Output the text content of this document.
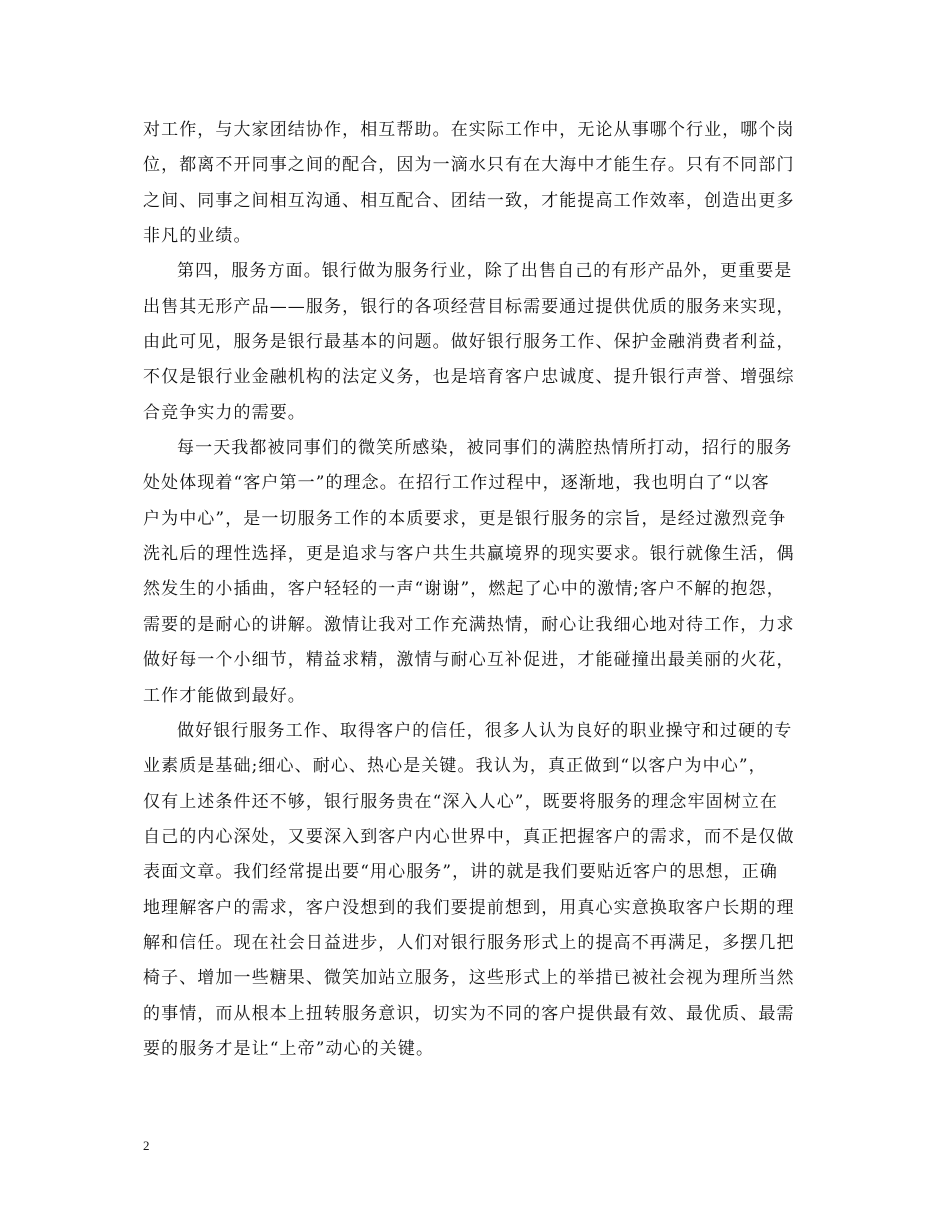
对工作，与大家团结协作，相互帮助。在实际工作中，无论从事哪个行业，哪个岗
位，都离不开同事之间的配合，因为一滴水只有在大海中才能生存。只有不同部门
之间、同事之间相互沟通、相互配合、团结一致，才能提高工作效率，创造出更多
非凡的业绩。
第四，服务方面。银行做为服务行业，除了出售自己的有形产品外，更重要是
出售其无形产品——服务，银行的各项经营目标需要通过提供优质的服务来实现，
由此可见，服务是银行最基本的问题。做好银行服务工作、保护金融消费者利益，
不仅是银行业金融机构的法定义务，也是培育客户忠诚度、提升银行声誉、增强综
合竞争实力的需要。
每一天我都被同事们的微笑所感染，被同事们的满腔热情所打动，招行的服务
处处体现着“客户第一”的理念。在招行工作过程中，逐渐地，我也明白了“以客
户为中心”，是一切服务工作的本质要求，更是银行服务的宗旨，是经过激烈竞争
洗礼后的理性选择，更是追求与客户共生共赢境界的现实要求。银行就像生活，偶
然发生的小插曲，客户轻轻的一声“谢谢”，燃起了心中的激情;客户不解的抱怨，
需要的是耐心的讲解。激情让我对工作充满热情，耐心让我细心地对待工作，力求
做好每一个小细节，精益求精，激情与耐心互补促进，才能碰撞出最美丽的火花，
工作才能做到最好。
做好银行服务工作、取得客户的信任，很多人认为良好的职业操守和过硬的专
业素质是基础;细心、耐心、热心是关键。我认为，真正做到“以客户为中心”，
仅有上述条件还不够，银行服务贵在“深入人心”，既要将服务的理念牢固树立在
自己的内心深处，又要深入到客户内心世界中，真正把握客户的需求，而不是仅做
表面文章。我们经常提出要“用心服务”，讲的就是我们要贴近客户的思想，正确
地理解客户的需求，客户没想到的我们要提前想到，用真心实意换取客户长期的理
解和信任。现在社会日益进步，人们对银行服务形式上的提高不再满足，多摆几把
椅子、增加一些糖果、微笑加站立服务，这些形式上的举措已被社会视为理所当然
的事情，而从根本上扭转服务意识，切实为不同的客户提供最有效、最优质、最需
要的服务才是让“上帝”动心的关键。
2
